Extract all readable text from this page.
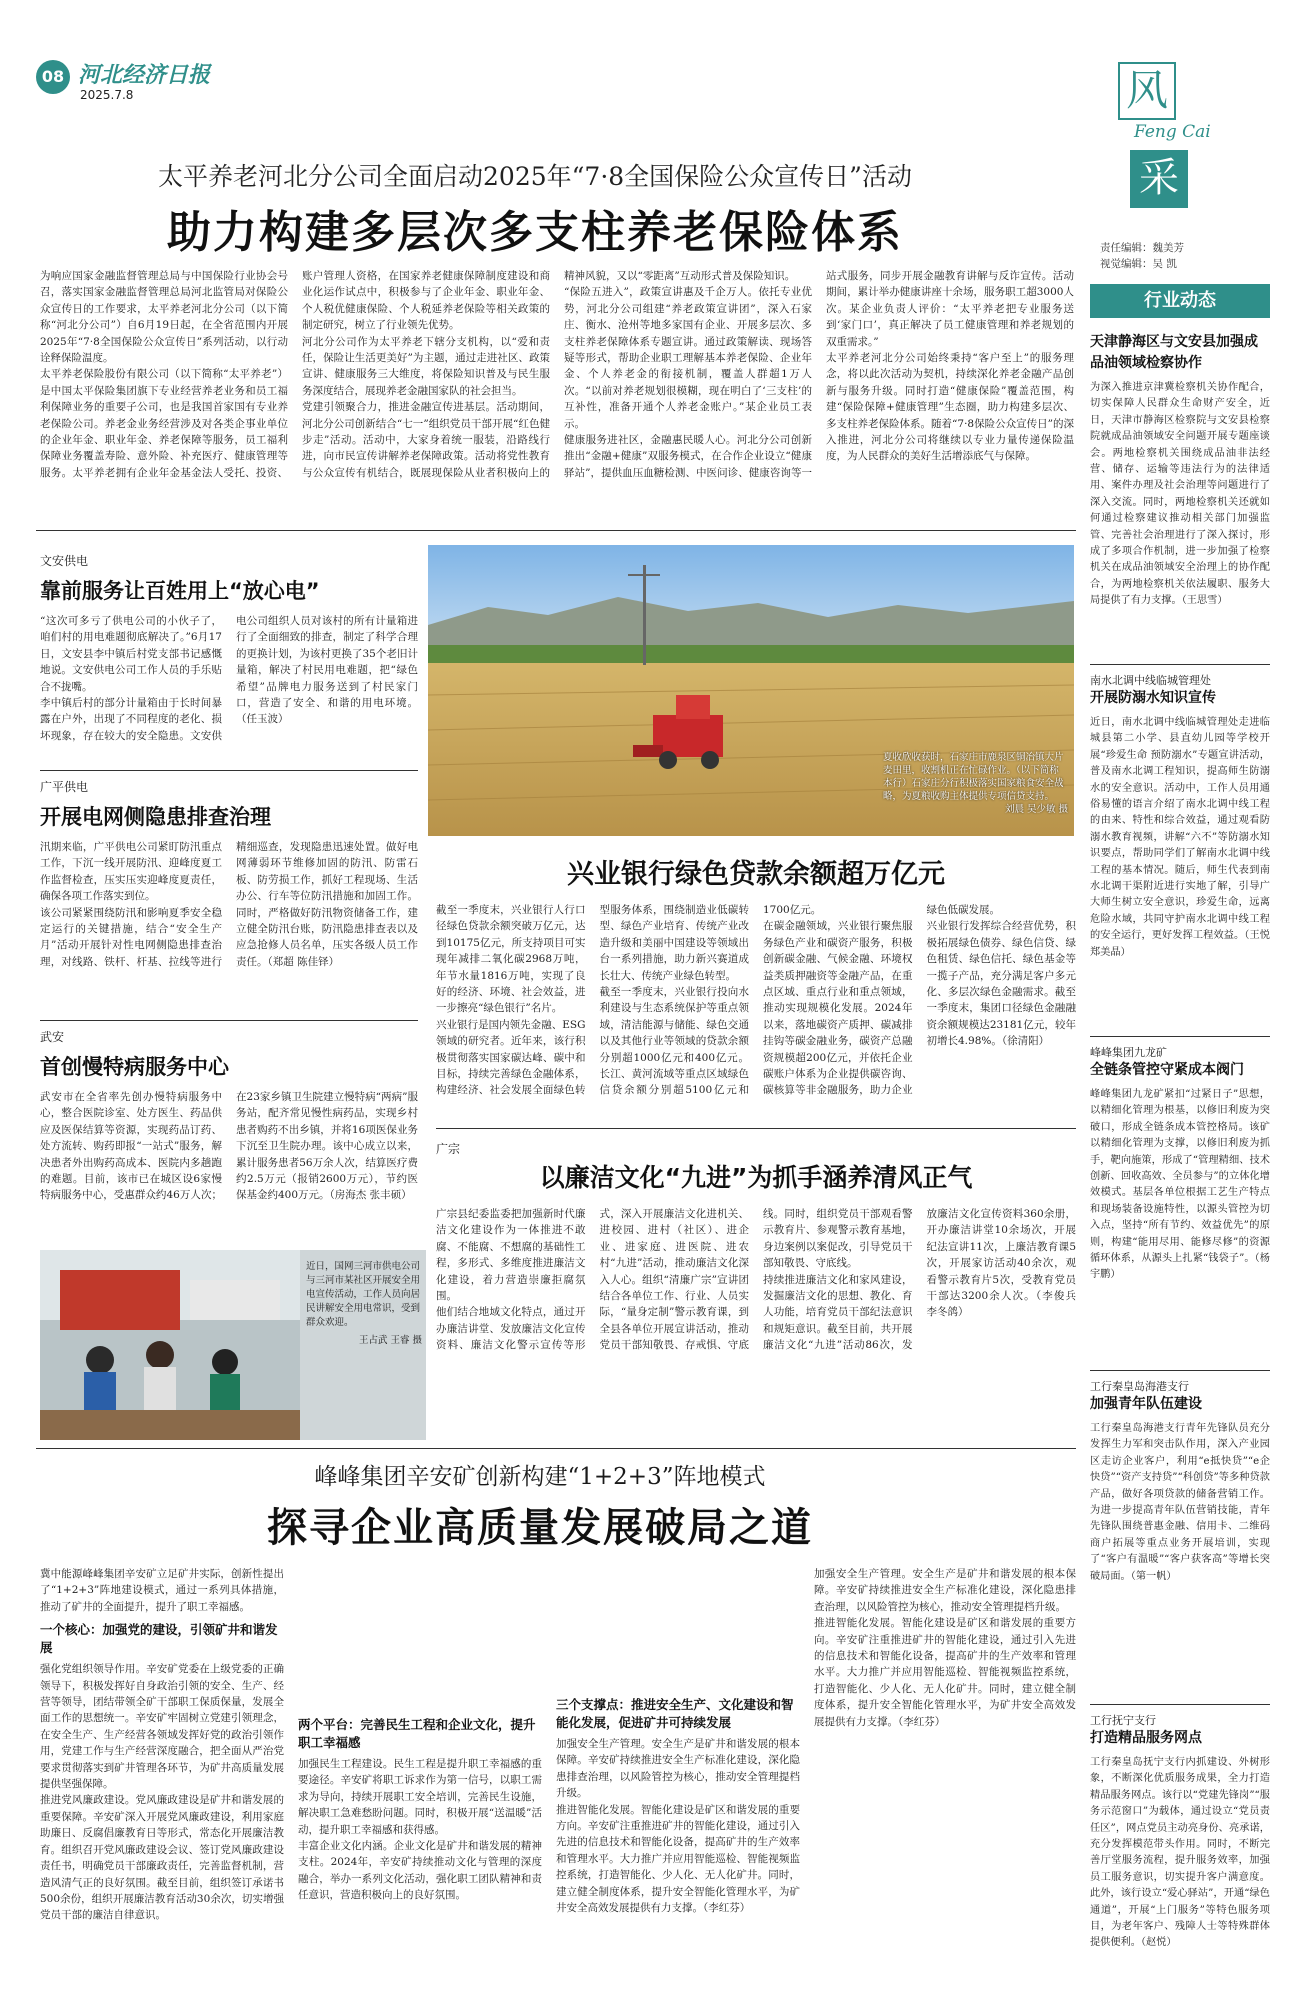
08 河北经济日报
2025.7.8	风
Feng Cai
采
责任编辑：魏美芳
视觉编辑：吴 凯
太平养老河北分公司全面启动2025年“7·8全国保险公众宣传日”活动
助力构建多层次多支柱养老保险体系
为响应国家金融监督管理总局与中国保险行业协会号召，落实国家金融监督管理总局河北监管局对保险公众宣传日的工作要求，太平养老河北分公司（以下简称“河北分公司”）自6月19日起，在全省范围内开展2025年“7·8全国保险公众宣传日”系列活动，以行动诠释保险温度。
太平养老保险股份有限公司（以下简称“太平养老”）是中国太平保险集团旗下专业经营养老业务和员工福利保障业务的重要子公司，也是我国首家国有专业养老保险公司。养老金业务经营涉及对各类企事业单位的企业年金、职业年金、养老保障等服务，员工福利保障业务覆盖寿险、意外险、补充医疗、健康管理等服务。太平养老拥有企业年金基金法人受托、投资、账户管理人资格，在国家养老健康保障制度建设和商业化运作试点中，积极参与了企业年金、职业年金、个人税优健康保险、个人税延养老保险等相关政策的制定研究，树立了行业领先优势。
河北分公司作为太平养老下辖分支机构，以“爱和责任，保险让生活更美好”为主题，通过走进社区、政策宣讲、健康服务三大维度，将保险知识普及与民生服务深度结合，展现养老金融国家队的社会担当。
党建引领聚合力，推进金融宣传进基层。活动期间，河北分公司创新结合“七一”组织党员干部开展“红色健步走”活动。活动中，大家身着统一服装，沿路线行进，向市民宣传讲解养老保障政策。活动将党性教育与公众宣传有机结合，既展现保险从业者积极向上的精神风貌，又以“零距离”互动形式普及保险知识。
“保险五进入”，政策宣讲惠及千企万人。依托专业优势，河北分公司组建“养老政策宣讲团”，深入石家庄、衡水、沧州等地多家国有企业、开展多层次、多支柱养老保障体系专题宣讲。通过政策解读、现场答疑等形式，帮助企业职工理解基本养老保险、企业年金、个人养老金的衔接机制，覆盖人群超1万人次。“以前对养老规划很模糊，现在明白了‘三支柱’的互补性，准备开通个人养老金账户。”某企业员工表示。
健康服务进社区，金融惠民暖人心。河北分公司创新推出“金融+健康”双服务模式，在合作企业设立“健康驿站”，提供血压血糖检测、中医问诊、健康咨询等一站式服务，同步开展金融教育讲解与反诈宣传。活动期间，累计举办健康讲座十余场，服务职工超3000人次。某企业负责人评价：“太平养老把专业服务送到‘家门口’，真正解决了员工健康管理和养老规划的双重需求。”
太平养老河北分公司始终秉持“客户至上”的服务理念，将以此次活动为契机，持续深化养老金融产品创新与服务升级。同时打造“健康保险”覆盖范围，构建“保险保障+健康管理”生态圈，助力构建多层次、多支柱养老保险体系。随着“7·8保险公众宣传日”的深入推进，河北分公司将继续以专业力量传递保险温度，为人民群众的美好生活增添底气与保障。
夏收欣收获时，石家庄市鹿泉区铜冶镇大片麦田里，收割机正在忙碌作业。（以下简称本行）石家庄分行积极落实国家粮食安全战略，为夏粮收购主体提供专项信贷支持。
刘晨 吴少敏 摄
文安供电
靠前服务让百姓用上“放心电”
“这次可多亏了供电公司的小伙子了，咱们村的用电难题彻底解决了。”6月17日，文安县李中镇后村党支部书记感慨地说。文安供电公司工作人员的手乐贴合不拢嘴。
李中镇后村的部分计量箱由于长时间暴露在户外，出现了不同程度的老化、损坏现象，存在较大的安全隐患。文安供电公司组织人员对该村的所有计量箱进行了全面细致的排查，制定了科学合理的更换计划，为该村更换了35个老旧计量箱，解决了村民用电难题，把“绿色希望”品牌电力服务送到了村民家门口，营造了安全、和谐的用电环境。（任玉波）
广平供电
开展电网侧隐患排查治理
汛期来临，广平供电公司紧盯防汛重点工作，下沉一线开展防汛、迎峰度夏工作监督检查，压实压实迎峰度夏责任，确保各项工作落实到位。
该公司紧紧围绕防汛和影响夏季安全稳定运行的关键措施，结合“安全生产月”活动开展针对性电网侧隐患排查治理，对线路、铁杆、杆基、拉线等进行精细巡查，发现隐患迅速处置。做好电网薄弱环节维修加固的防汛、防雷石板、防劳损工作，抓好工程现场、生活办公、行车等位防汛措施和加固工作。同时，严格做好防汛物资储备工作，建立健全防汛台账，防汛隐患排查表以及应急抢修人员名单，压实各级人员工作责任。（郑超 陈佳铎）
武安
首创慢特病服务中心
武安市在全省率先创办慢特病服务中心，整合医院诊室、处方医生、药品供应及医保结算等资源，实现药品订药、处方流转、购药即报“一站式”服务，解决患者外出购药高成本、医院内多趟跑的难题。目前，该市已在城区设6家慢特病服务中心，受惠群众约46万人次；在23家乡镇卫生院建立慢特病“两病”服务站，配齐常见慢性病药品，实现乡村患者购药不出乡镇，并将16项医保业务下沉至卫生院办理。该中心成立以来，累计服务患者56万余人次，结算医疗费约2.5万元（报销2600万元），节约医保基金约400万元。（房海杰 张丰硕）
近日，国网三河市供电公司与三河市某社区开展安全用电宣传活动，工作人员向居民讲解安全用电常识，受到群众欢迎。
王占武 王睿 摄
兴业银行绿色贷款余额超万亿元
截至一季度末，兴业银行人行口径绿色贷款余额突破万亿元，达到10175亿元，所支持项目可实现年减排二氧化碳2968万吨，年节水量1816万吨，实现了良好的经济、环境、社会效益，进一步擦亮“绿色银行”名片。
兴业银行是国内领先金融、ESG领域的研究者。近年来，该行积极贯彻落实国家碳达峰、碳中和目标，持续完善绿色金融体系，构建经济、社会发展全面绿色转型服务体系，围绕制造业低碳转型、绿色产业培育、传统产业改造升级和美丽中国建设等领域出台一系列措施，助力新兴赛道成长壮大、传统产业绿色转型。
截至一季度末，兴业银行投向水利建设与生态系统保护等重点领域，清洁能源与储能、绿色交通以及其他行业等领域的贷款余额分别超1000亿元和400亿元。长江、黄河流域等重点区域绿色信贷余额分别超5100亿元和1700亿元。
在碳金融领域，兴业银行聚焦服务绿色产业和碳资产服务，积极创新碳金融、气候金融、环境权益类质押融资等金融产品，在重点区域、重点行业和重点领域，推动实现规模化发展。2024年以来，落地碳资产质押、碳减排挂钩等碳金融业务，碳资产总融资规模超200亿元，并依托企业碳账户体系为企业提供碳咨询、碳核算等非金融服务，助力企业绿色低碳发展。
兴业银行发挥综合经营优势，积极拓展绿色债券、绿色信贷、绿色租赁、绿色信托、绿色基金等一揽子产品，充分满足客户多元化、多层次绿色金融需求。截至一季度末，集团口径绿色金融融资余额规模达23181亿元，较年初增长4.98%。（徐清阳）
广宗
以廉洁文化“九进”为抓手涵养清风正气
广宗县纪委监委把加强新时代廉洁文化建设作为一体推进不敢腐、不能腐、不想腐的基础性工程，多形式、多维度推进廉洁文化建设，着力营造崇廉拒腐氛围。
他们结合地域文化特点，通过开办廉洁讲堂、发放廉洁文化宣传资料、廉洁文化警示宣传等形式，深入开展廉洁文化进机关、进校园、进村（社区）、进企业、进家庭、进医院、进农村“九进”活动，推动廉洁文化深入人心。组织“清廉广宗”宣讲团结合各单位工作、行业、人员实际，“量身定制”警示教育课，到全县各单位开展宣讲活动，推动党员干部知敬畏、存戒惧、守底线。同时，组织党员干部观看警示教育片、参观警示教育基地，身边案例以案促改，引导党员干部知敬畏、守底线。
持续推进廉洁文化和家风建设，发掘廉洁文化的思想、教化、育人功能，培育党员干部纪法意识和规矩意识。截至目前，共开展廉洁文化“九进”活动86次，发放廉洁文化宣传资料360余册，开办廉洁讲堂10余场次，开展纪法宣讲11次，上廉洁教育课5次，开展家访活动40余次，观看警示教育片5次，受教育党员干部达3200余人次。（李俊兵 李冬鸽）
峰峰集团辛安矿创新构建“1+2+3”阵地模式
探寻企业高质量发展破局之道
冀中能源峰峰集团辛安矿立足矿井实际，创新性提出了“1+2+3”阵地建设模式，通过一系列具体措施，推动了矿井的全面提升，提升了职工幸福感。
一个核心：加强党的建设，引领矿井和谐发展
强化党组织领导作用。辛安矿党委在上级党委的正确领导下，积极发挥好自身政治引领的安全、生产、经营等领导，团结带领全矿干部职工保质保量，发展全面工作的思想统一。辛安矿牢固树立党建引领理念，在安全生产、生产经营各领域发挥好党的政治引领作用，党建工作与生产经营深度融合，把全面从严治党要求贯彻落实到矿井管理各环节，为矿井高质量发展提供坚强保障。
推进党风廉政建设。党风廉政建设是矿井和谐发展的重要保障。辛安矿深入开展党风廉政建设，利用家庭助廉日、反腐倡廉教育日等形式，常态化开展廉洁教育。组织召开党风廉政建设会议、签订党风廉政建设责任书，明确党员干部廉政责任，完善监督机制，营造风清气正的良好氛围。截至目前，组织签订承诺书500余份，组织开展廉洁教育活动30余次，切实增强党员干部的廉洁自律意识。
两个平台：完善民生工程和企业文化，提升职工幸福感
加强民生工程建设。民生工程是提升职工幸福感的重要途径。辛安矿将职工诉求作为第一信号，以职工需求为导向，持续开展职工安全培训，完善民生设施，解决职工急难愁盼问题。同时，积极开展“送温暖”活动，提升职工幸福感和获得感。
丰富企业文化内涵。企业文化是矿井和谐发展的精神支柱。2024年，辛安矿持续推动文化与管理的深度融合，举办一系列文化活动，强化职工团队精神和责任意识，营造积极向上的良好氛围。
三个支撑点：推进安全生产、文化建设和智能化发展，促进矿井可持续发展
加强安全生产管理。安全生产是矿井和谐发展的根本保障。辛安矿持续推进安全生产标准化建设，深化隐患排查治理，以风险管控为核心，推动安全管理提档升级。
推进智能化发展。智能化建设是矿区和谐发展的重要方向。辛安矿注重推进矿井的智能化建设，通过引入先进的信息技术和智能化设备，提高矿井的生产效率和管理水平。大力推广并应用智能巡检、智能视频监控系统，打造智能化、少人化、无人化矿井。同时，建立健全制度体系，提升安全智能化管理水平，为矿井安全高效发展提供有力支撑。（李红芬）
加强安全生产管理。安全生产是矿井和谐发展的根本保障。辛安矿持续推进安全生产标准化建设，深化隐患排查治理，以风险管控为核心，推动安全管理提档升级。
推进智能化发展。智能化建设是矿区和谐发展的重要方向。辛安矿注重推进矿井的智能化建设，通过引入先进的信息技术和智能化设备，提高矿井的生产效率和管理水平。大力推广并应用智能巡检、智能视频监控系统，打造智能化、少人化、无人化矿井。同时，建立健全制度体系，提升安全智能化管理水平，为矿井安全高效发展提供有力支撑。（李红芬）
行业动态
天津静海区与文安县加强成品油领域检察协作
为深入推进京津冀检察机关协作配合，切实保障人民群众生命财产安全，近日，天津市静海区检察院与文安县检察院就成品油领域安全问题开展专题座谈会。两地检察机关围绕成品油非法经营、储存、运输等违法行为的法律适用、案件办理及社会治理等问题进行了深入交流。同时，两地检察机关还就如何通过检察建议推动相关部门加强监管、完善社会治理进行了深入探讨，形成了多项合作机制，进一步加强了检察机关在成品油领域安全治理上的协作配合，为两地检察机关依法履职、服务大局提供了有力支撑。（王思雪）
南水北调中线临城管理处
开展防溺水知识宣传
近日，南水北调中线临城管理处走进临城县第二小学、县直幼儿园等学校开展“珍爱生命 预防溺水”专题宣讲活动，普及南水北调工程知识，提高师生防溺水的安全意识。活动中，工作人员用通俗易懂的语言介绍了南水北调中线工程的由来、特性和综合效益，通过观看防溺水教育视频，讲解“六不”等防溺水知识要点，帮助同学们了解南水北调中线工程的基本情况。随后，师生代表到南水北调干渠附近进行实地了解，引导广大师生树立安全意识，珍爱生命，远离危险水域，共同守护南水北调中线工程的安全运行，更好发挥工程效益。（王悦 郑美晶）
峰峰集团九龙矿
全链条管控守紧成本阀门
峰峰集团九龙矿紧扣“过紧日子”思想，以精细化管理为根基，以修旧利废为突破口，形成全链条成本管控格局。该矿以精细化管理为支撑，以修旧利废为抓手，靶向施策，形成了“管理精细、技术创新、回收高效、全员参与”的立体化增效模式。基层各单位根据工艺生产特点和现场装备设施特性，以源头管控为切入点，坚持“所有节约、效益优先”的原则，构建“能用尽用、能修尽修”的资源循环体系，从源头上扎紧“钱袋子”。（杨宇鹏）
工行秦皇岛海港支行
加强青年队伍建设
工行秦皇岛海港支行青年先锋队员充分发挥生力军和突击队作用，深入产业园区走访企业客户，利用“e抵快贷”“e企快贷”“资产支持贷”“科创贷”等多种贷款产品，做好各项贷款的储备营销工作。为进一步提高青年队伍营销技能，青年先锋队围绕普惠金融、信用卡、二维码商户拓展等重点业务开展培训，实现了“客户有温暖”“客户获客高”等增长突破局面。（第一帆）
工行抚宁支行
打造精品服务网点
工行秦皇岛抚宁支行内抓建设、外树形象，不断深化优质服务成果，全力打造精品服务网点。该行以“党建先锋岗”“服务示范窗口”为载体，通过设立“党员责任区”，网点党员主动亮身份、亮承诺，充分发挥模范带头作用。同时，不断完善厅堂服务流程，提升服务效率，加强员工服务意识，切实提升客户满意度。此外，该行设立“爱心驿站”，开通“绿色通道”，开展“上门服务”等特色服务项目，为老年客户、残障人士等特殊群体提供便利。（赵悦）
